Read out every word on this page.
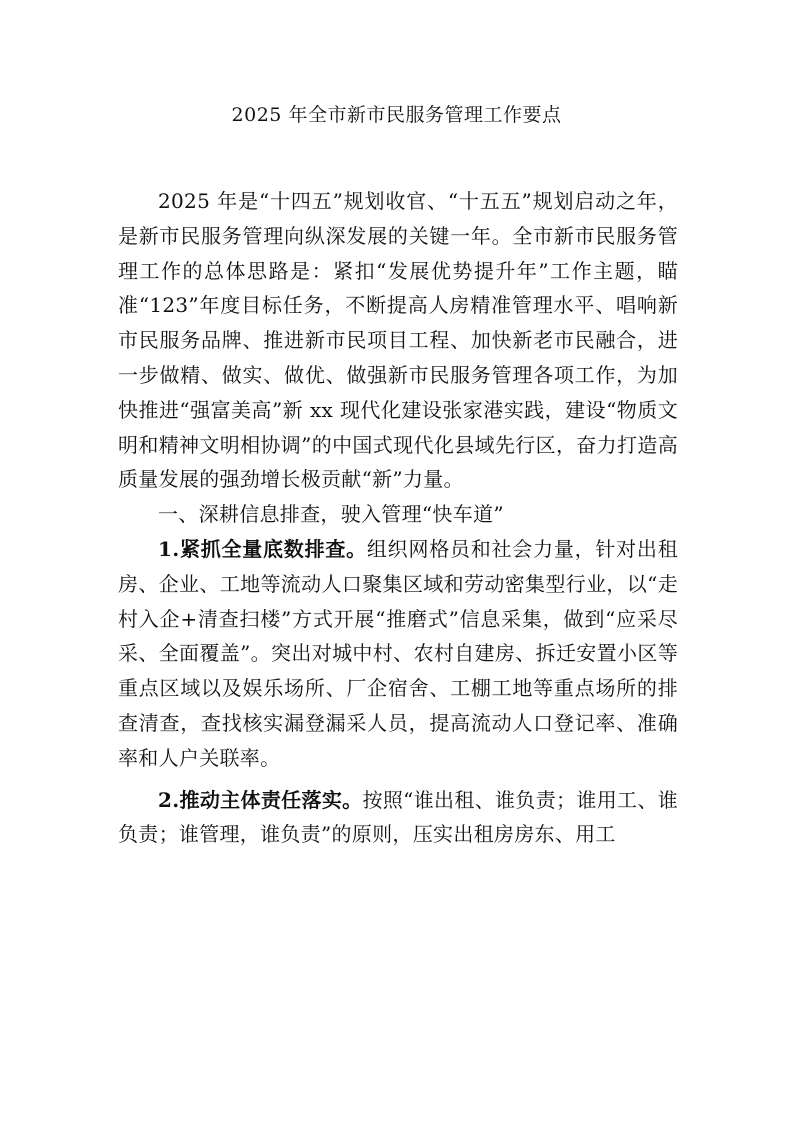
2025 年全市新市民服务管理工作要点

2025 年是“十四五”规划收官、“十五五”规划启动之年，是新市民服务管理向纵深发展的关键一年。全市新市民服务管理工作的总体思路是：紧扣“发展优势提升年”工作主题，瞄准“123”年度目标任务，不断提高人房精准管理水平、唱响新市民服务品牌、推进新市民项目工程、加快新老市民融合，进一步做精、做实、做优、做强新市民服务管理各项工作，为加快推进“强富美高”新 xx 现代化建设张家港实践，建设“物质文明和精神文明相协调”的中国式现代化县域先行区，奋力打造高质量发展的强劲增长极贡献“新”力量。

一、深耕信息排查，驶入管理“快车道”

1.紧抓全量底数排查。组织网格员和社会力量，针对出租房、企业、工地等流动人口聚集区域和劳动密集型行业，以“走村入企+清查扫楼”方式开展“推磨式”信息采集，做到“应采尽采、全面覆盖”。突出对城中村、农村自建房、拆迁安置小区等重点区域以及娱乐场所、厂企宿舍、工棚工地等重点场所的排查清查，查找核实漏登漏采人员，提高流动人口登记率、准确率和人户关联率。

2.推动主体责任落实。按照“谁出租、谁负责；谁用工、谁负责；谁管理，谁负责”的原则，压实出租房房东、用工
